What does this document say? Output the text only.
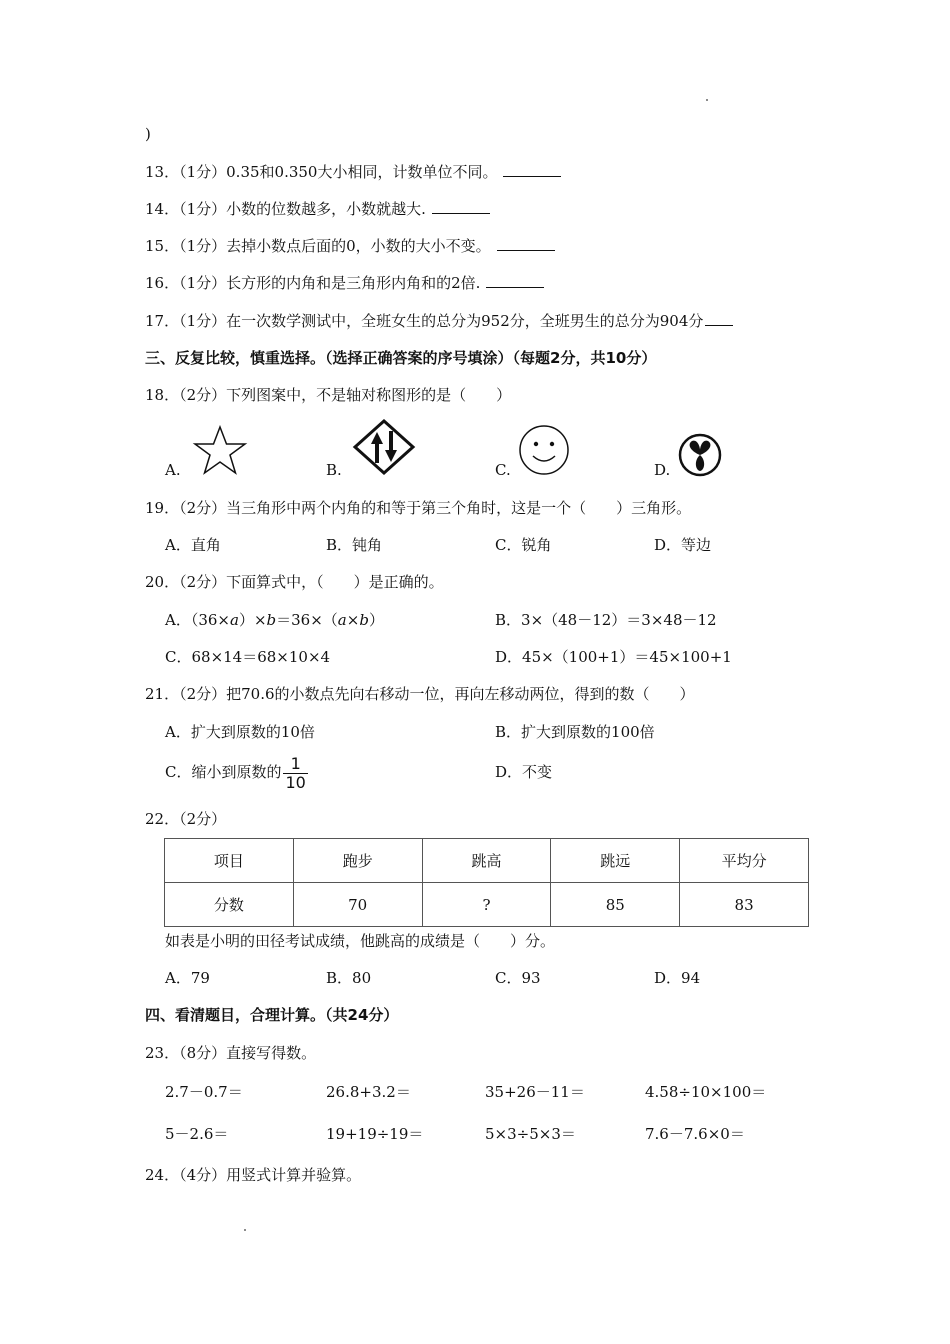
)
13．（1分）0.35和0.350大小相同，计数单位不同。
14．（1分）小数的位数越多，小数就越大.
15．（1分）去掉小数点后面的0，小数的大小不变。
16．（1分）长方形的内角和是三角形内角和的2倍.
17．（1分）在一次数学测试中，全班女生的总分为952分，全班男生的总分为904分
三、反复比较，慎重选择。（选择正确答案的序号填涂）（每题2分，共10分）
18．（2分）下列图案中，不是轴对称图形的是（　　）
A.	B.	C.	D.
19．（2分）当三角形中两个内角的和等于第三个角时，这是一个（　　）三角形。
A．直角	B．钝角	C．锐角	D．等边
20．（2分）下面算式中，（　　）是正确的。
A．（36×a）×b＝36×（a×b）	B．3×（48－12）＝3×48－12
C．68×14＝68×10×4	D．45×（100+1）＝45×100+1
21．（2分）把70.6的小数点先向右移动一位，再向左移动两位，得到的数（　　）
A．扩大到原数的10倍	B．扩大到原数的100倍
C．缩小到原数的 $\frac{1}{10}$	D．不变
22．（2分）
项目	跑步	跳高	跳远	平均分
分数	70	?	85	83
如表是小明的田径考试成绩，他跳高的成绩是（　　）分。
A．79	B．80	C．93	D．94
四、看清题目，合理计算。（共24分）
23．（8分）直接写得数。
2.7－0.7＝	26.8+3.2＝	35+26－11＝	4.58÷10×100＝
5－2.6＝	19+19÷19＝	5×3÷5×3＝	7.6－7.6×0＝
24．（4分）用竖式计算并验算。
